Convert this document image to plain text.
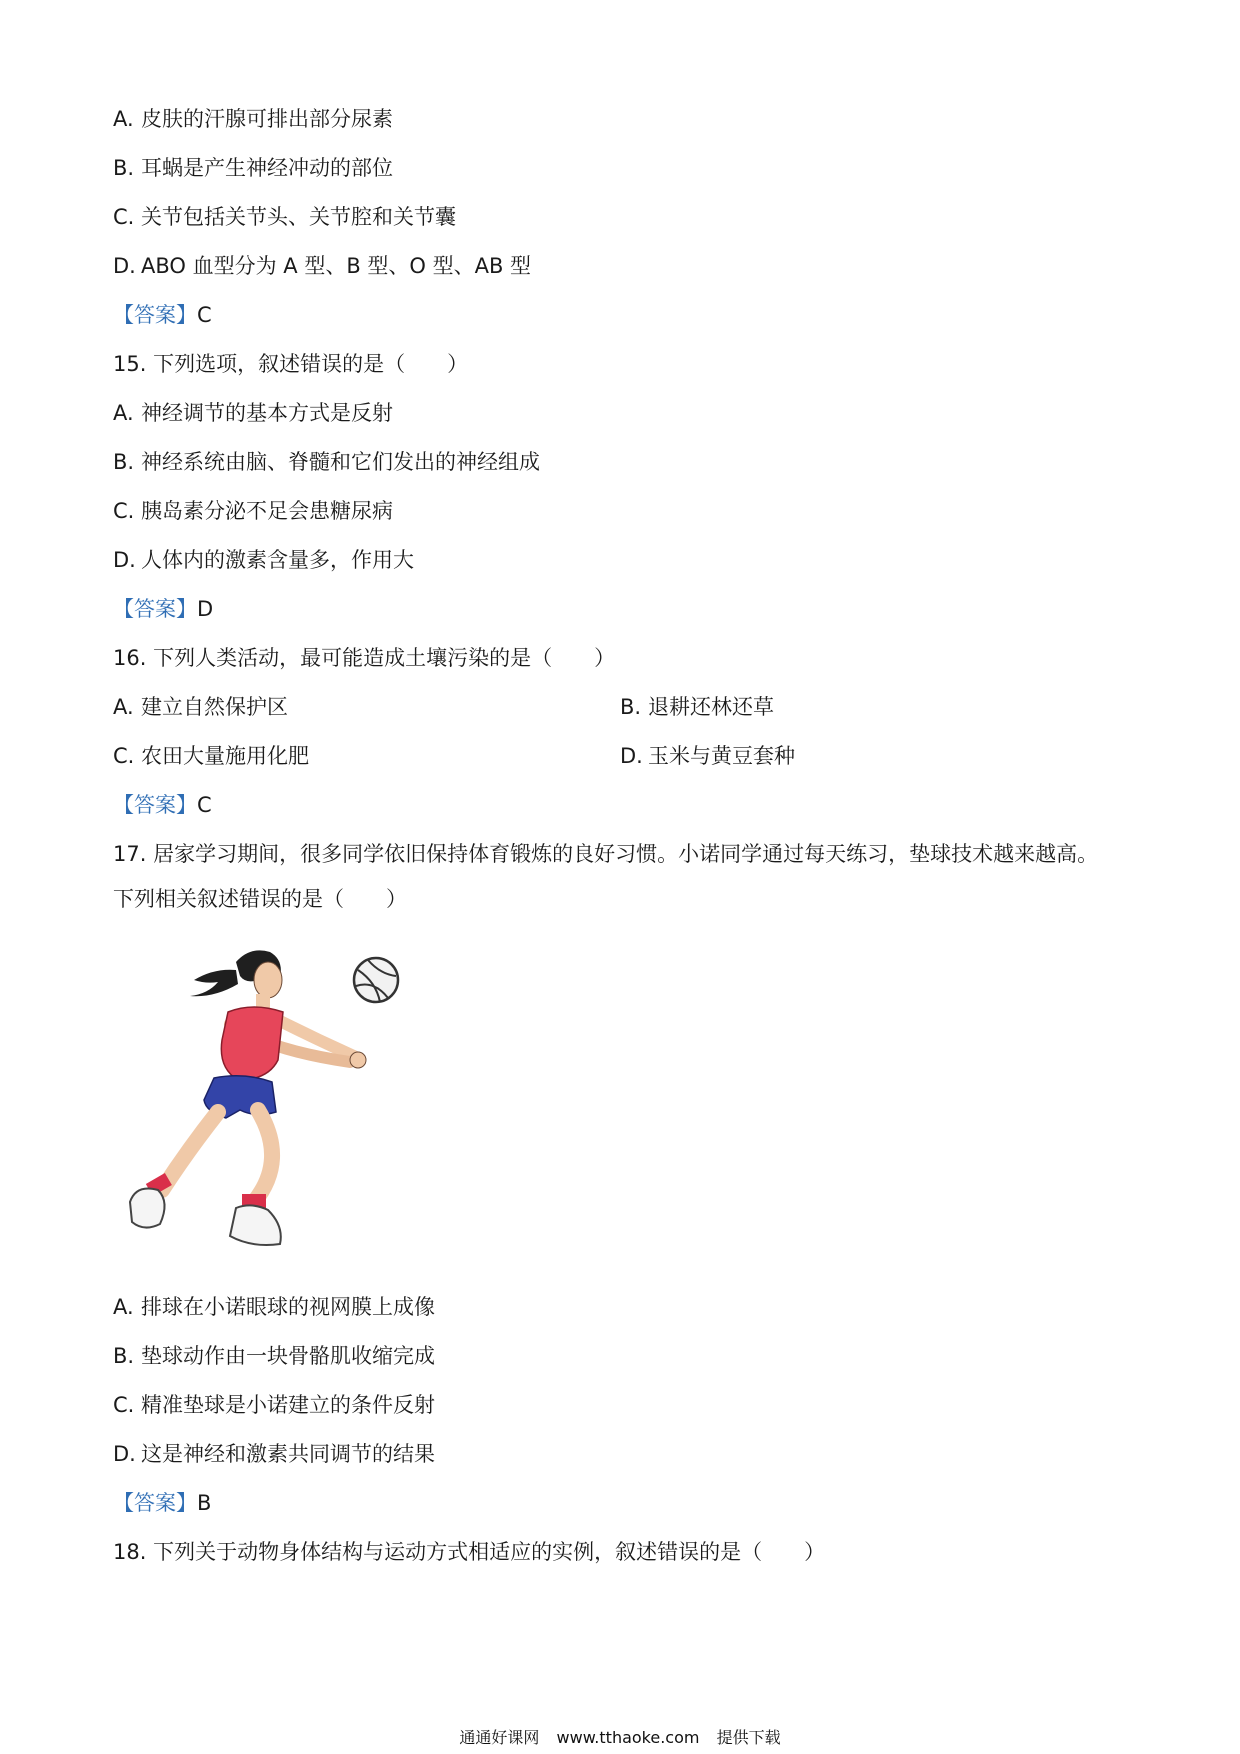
A. 皮肤的汗腺可排出部分尿素
B. 耳蜗是产生神经冲动的部位
C. 关节包括关节头、关节腔和关节囊
D. ABO 血型分为 A 型、B 型、O 型、AB 型
【答案】C
15. 下列选项，叙述错误的是（　　）
A. 神经调节的基本方式是反射
B. 神经系统由脑、脊髓和它们发出的神经组成
C. 胰岛素分泌不足会患糖尿病
D. 人体内的激素含量多，作用大
【答案】D
16. 下列人类活动，最可能造成土壤污染的是（　　）
A. 建立自然保护区	B. 退耕还林还草
C. 农田大量施用化肥	D. 玉米与黄豆套种
【答案】C
17. 居家学习期间，很多同学依旧保持体育锻炼的良好习惯。小诺同学通过每天练习，垫球技术越来越高。
下列相关叙述错误的是（　　）
A. 排球在小诺眼球的视网膜上成像
B. 垫球动作由一块骨骼肌收缩完成
C. 精准垫球是小诺建立的条件反射
D. 这是神经和激素共同调节的结果
【答案】B
18. 下列关于动物身体结构与运动方式相适应的实例，叙述错误的是（　　）
通通好课网 www.tthaoke.com 提供下载
